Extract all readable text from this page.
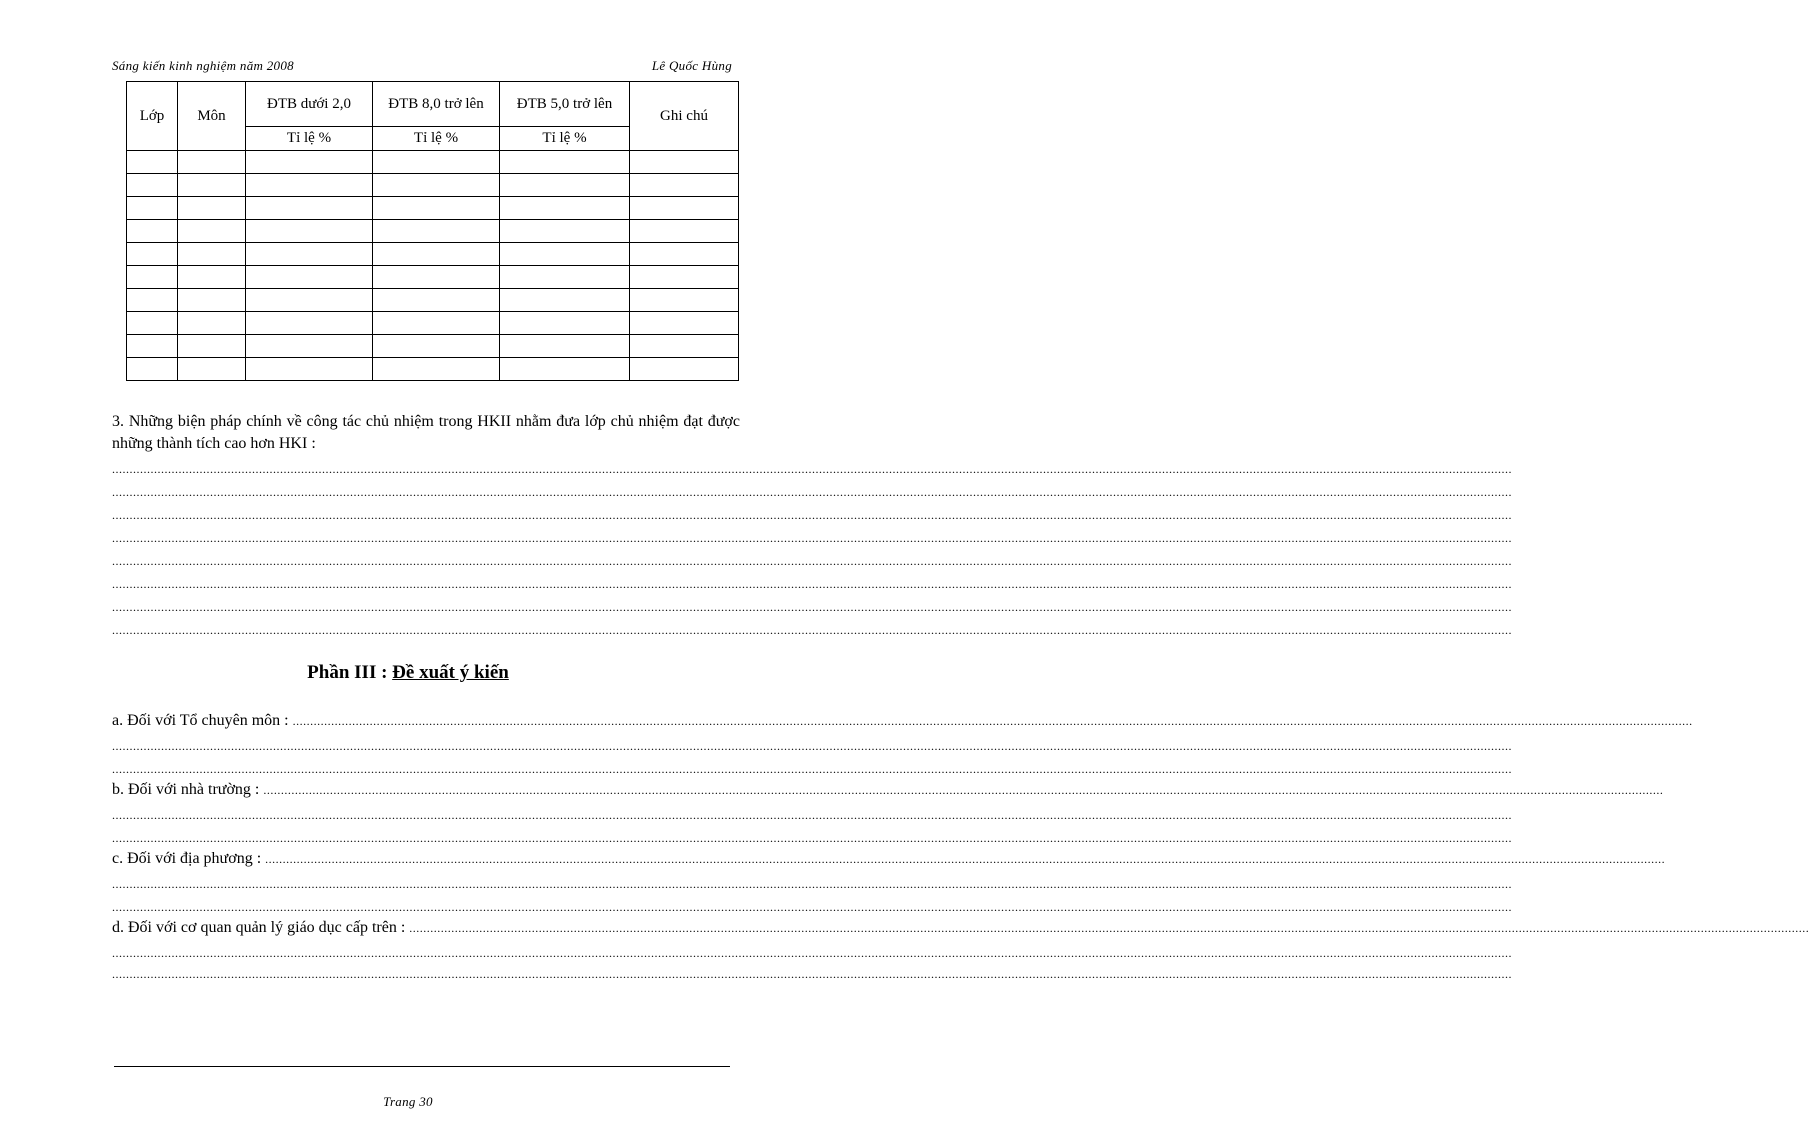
Sáng kiến kinh nghiệm năm 2008	Lê Quốc Hùng
Lớp	Môn	ĐTB dưới 2,0	ĐTB 8,0 trở lên	ĐTB 5,0 trở lên	Ghi chú
		Tỉ lệ %	Tỉ lệ %	Tỉ lệ %	

3. Những biện pháp chính về công tác chủ nhiệm trong HKII nhằm đưa lớp chủ nhiệm đạt được những thành tích cao hơn HKI :
................................................................................................................................................................................................................................................................................................................................................................................................................
................................................................................................................................................................................................................................................................................................................................................................................................................
................................................................................................................................................................................................................................................................................................................................................................................................................
................................................................................................................................................................................................................................................................................................................................................................................................................
................................................................................................................................................................................................................................................................................................................................................................................................................
................................................................................................................................................................................................................................................................................................................................................................................................................
................................................................................................................................................................................................................................................................................................................................................................................................................
................................................................................................................................................................................................................................................................................................................................................................................................................
Phần III : Đề xuất ý kiến
a. Đối với Tổ chuyên môn : ................................................................................................................................................................................................................................................................................................................................................................................................................
................................................................................................................................................................................................................................................................................................................................................................................................................
................................................................................................................................................................................................................................................................................................................................................................................................................
b. Đối với nhà trường : ................................................................................................................................................................................................................................................................................................................................................................................................................
................................................................................................................................................................................................................................................................................................................................................................................................................
................................................................................................................................................................................................................................................................................................................................................................................................................
c. Đối với địa phương : ................................................................................................................................................................................................................................................................................................................................................................................................................
................................................................................................................................................................................................................................................................................................................................................................................................................
................................................................................................................................................................................................................................................................................................................................................................................................................
d. Đối với cơ quan quản lý giáo dục cấp trên : ................................................................................................................................................................................................................................................................................................................................................................................................................
................................................................................................................................................................................................................................................................................................................................................................................................................
................................................................................................................................................................................................................................................................................................................................................................................................................
Trang 30
